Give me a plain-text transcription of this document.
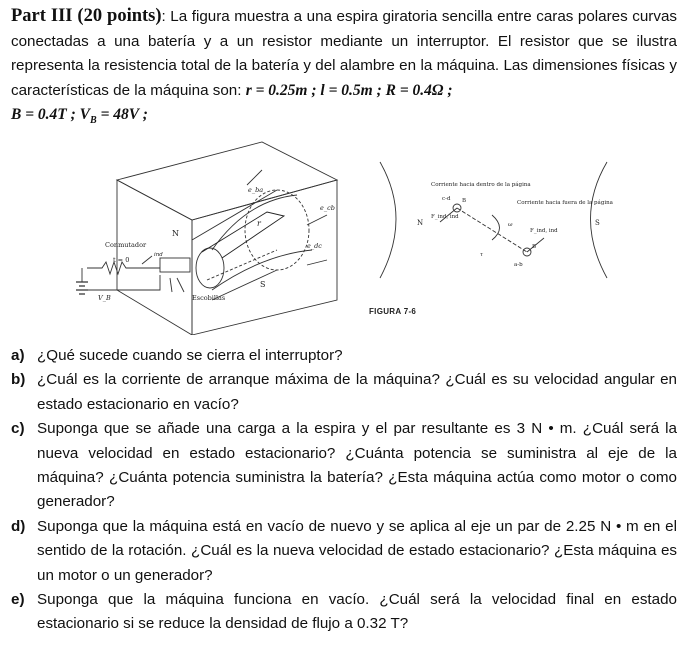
Part III (20 points): La figura muestra a una espira giratoria sencilla entre caras polares curvas conectadas a una batería y a un resistor mediante un interruptor. El resistor que se ilustra representa la resistencia total de la batería y del alambre en la máquina. Las dimensiones físicas y características de la máquina son: r = 0.25m ; l = 0.5m ; R = 0.4Ω ;
B = 0.4T ; $V_B = 48V$ ;
Conmutador
t = 0
Escobillas
N
S
r
e_ba
e_cb
e_dc
V_B
ind
N	S
Corriente hacia dentro de la página
Corriente hacia fuera de la página
c-d
a-b
B
B
ω
τ
F_ind, ind
F_ind, ind
FIGURA 7-6
a) ¿Qué sucede cuando se cierra el interruptor?
b) ¿Cuál es la corriente de arranque máxima de la máquina? ¿Cuál es su velocidad angular en estado estacionario en vacío?
c) Suponga que se añade una carga a la espira y el par resultante es 3 N • m. ¿Cuál será la nueva velocidad en estado estacionario? ¿Cuánta potencia se suministra al eje de la máquina? ¿Cuánta potencia suministra la batería? ¿Esta máquina actúa como motor o como generador?
d) Suponga que la máquina está en vacío de nuevo y se aplica al eje un par de 2.25 N • m en el sentido de la rotación. ¿Cuál es la nueva velocidad de estado estacionario? ¿Esta máquina es un motor o un generador?
e) Suponga que la máquina funciona en vacío. ¿Cuál será la velocidad final en estado estacionario si se reduce la densidad de flujo a 0.32 T?
